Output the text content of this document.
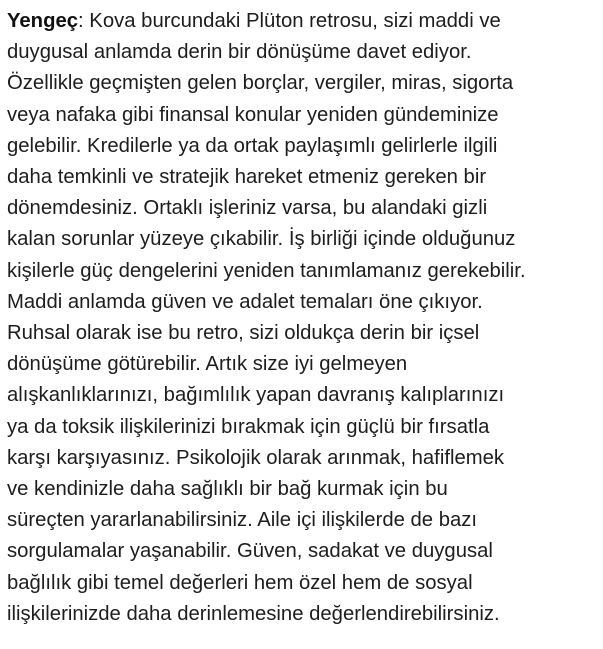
Yengeç: Kova burcundaki Plüton retrosu, sizi maddi ve
duygusal anlamda derin bir dönüşüme davet ediyor.
Özellikle geçmişten gelen borçlar, vergiler, miras, sigorta
veya nafaka gibi finansal konular yeniden gündeminize
gelebilir. Kredilerle ya da ortak paylaşımlı gelirlerle ilgili
daha temkinli ve stratejik hareket etmeniz gereken bir
dönemdesiniz. Ortaklı işleriniz varsa, bu alandaki gizli
kalan sorunlar yüzeye çıkabilir. İş birliği içinde olduğunuz
kişilerle güç dengelerini yeniden tanımlamanız gerekebilir.
Maddi anlamda güven ve adalet temaları öne çıkıyor.
Ruhsal olarak ise bu retro, sizi oldukça derin bir içsel
dönüşüme götürebilir. Artık size iyi gelmeyen
alışkanlıklarınızı, bağımlılık yapan davranış kalıplarınızı
ya da toksik ilişkilerinizi bırakmak için güçlü bir fırsatla
karşı karşıyasınız. Psikolojik olarak arınmak, hafiflemek
ve kendinizle daha sağlıklı bir bağ kurmak için bu
süreçten yararlanabilirsiniz. Aile içi ilişkilerde de bazı
sorgulamalar yaşanabilir. Güven, sadakat ve duygusal
bağlılık gibi temel değerleri hem özel hem de sosyal
ilişkilerinizde daha derinlemesine değerlendirebilirsiniz.
